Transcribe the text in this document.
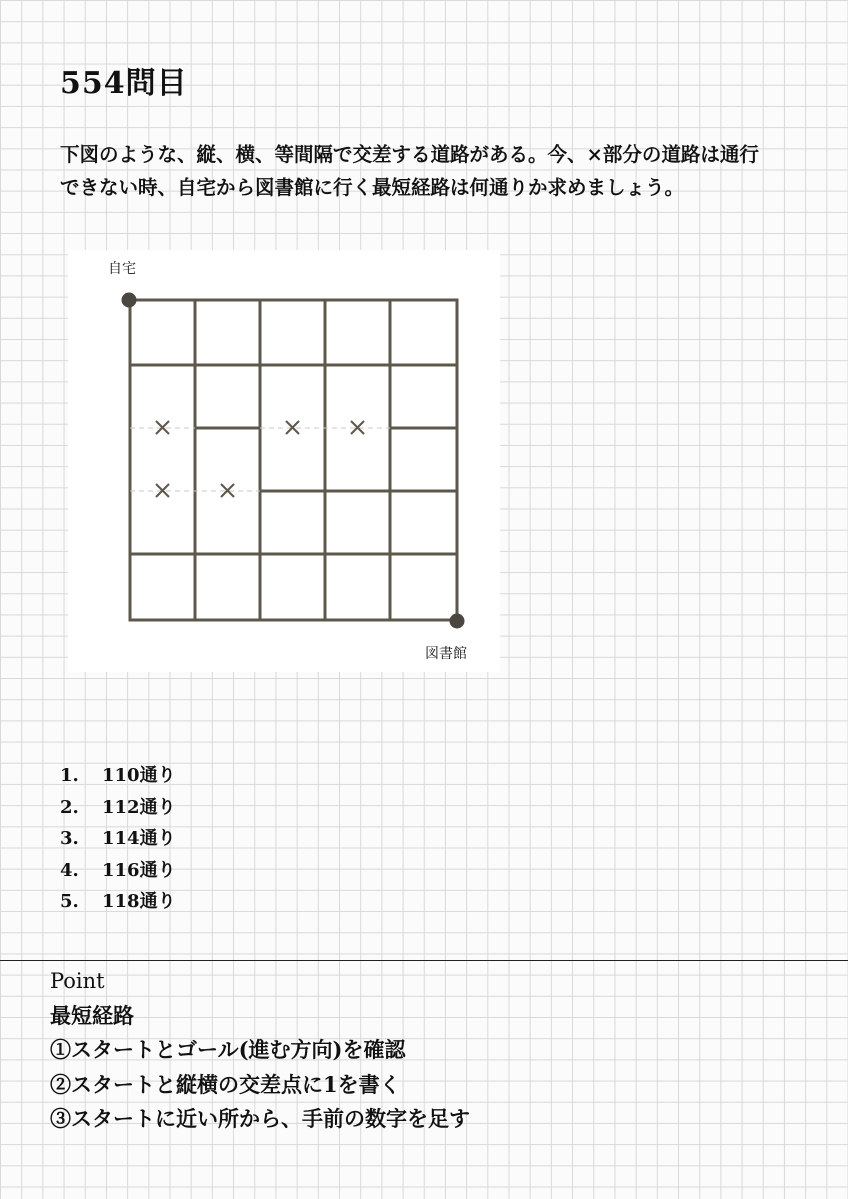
554問目

下図のような、縦、横、等間隔で交差する道路がある。今、×部分の道路は通行

できない時、自宅から図書館に行く最短経路は何通りか求めましょう。

自宅
図書館
1. 110通り
2. 112通り
3. 114通り
4. 116通り
5. 118通り
Point
最短経路
①スタートとゴール(進む方向)を確認
②スタートと縦横の交差点に1を書く
③スタートに近い所から、手前の数字を足す
